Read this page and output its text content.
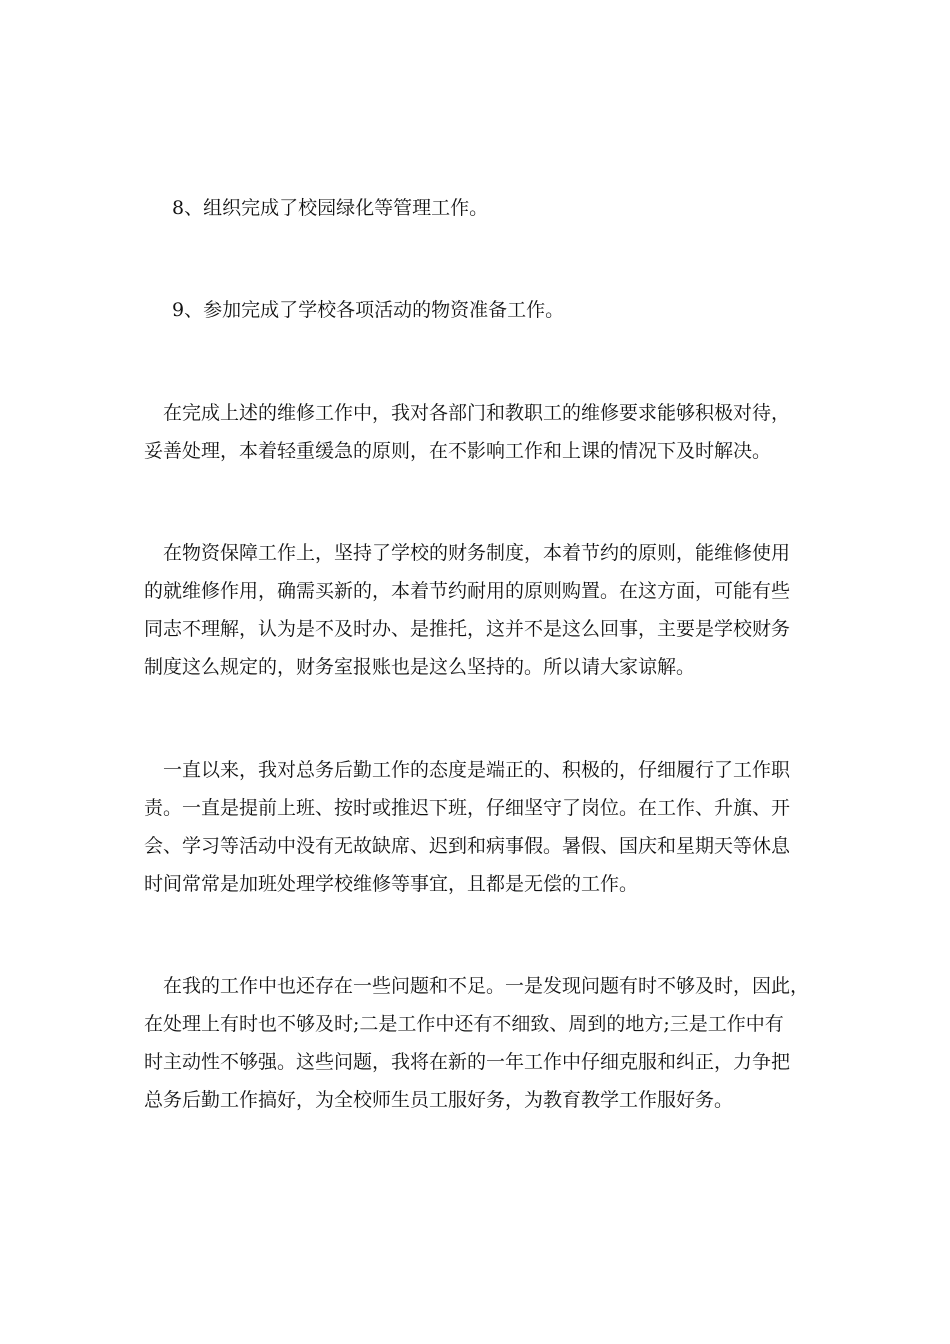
8、组织完成了校园绿化等管理工作。
9、参加完成了学校各项活动的物资准备工作。
　在完成上述的维修工作中，我对各部门和教职工的维修要求能够积极对待，
妥善处理，本着轻重缓急的原则，在不影响工作和上课的情况下及时解决。
　在物资保障工作上，坚持了学校的财务制度，本着节约的原则，能维修使用
的就维修作用，确需买新的，本着节约耐用的原则购置。在这方面，可能有些
同志不理解，认为是不及时办、是推托，这并不是这么回事，主要是学校财务
制度这么规定的，财务室报账也是这么坚持的。所以请大家谅解。
　一直以来，我对总务后勤工作的态度是端正的、积极的，仔细履行了工作职
责。一直是提前上班、按时或推迟下班，仔细坚守了岗位。在工作、升旗、开
会、学习等活动中没有无故缺席、迟到和病事假。暑假、国庆和星期天等休息
时间常常是加班处理学校维修等事宜，且都是无偿的工作。
　在我的工作中也还存在一些问题和不足。一是发现问题有时不够及时，因此，
在处理上有时也不够及时;二是工作中还有不细致、周到的地方;三是工作中有
时主动性不够强。这些问题，我将在新的一年工作中仔细克服和纠正，力争把
总务后勤工作搞好，为全校师生员工服好务，为教育教学工作服好务。
